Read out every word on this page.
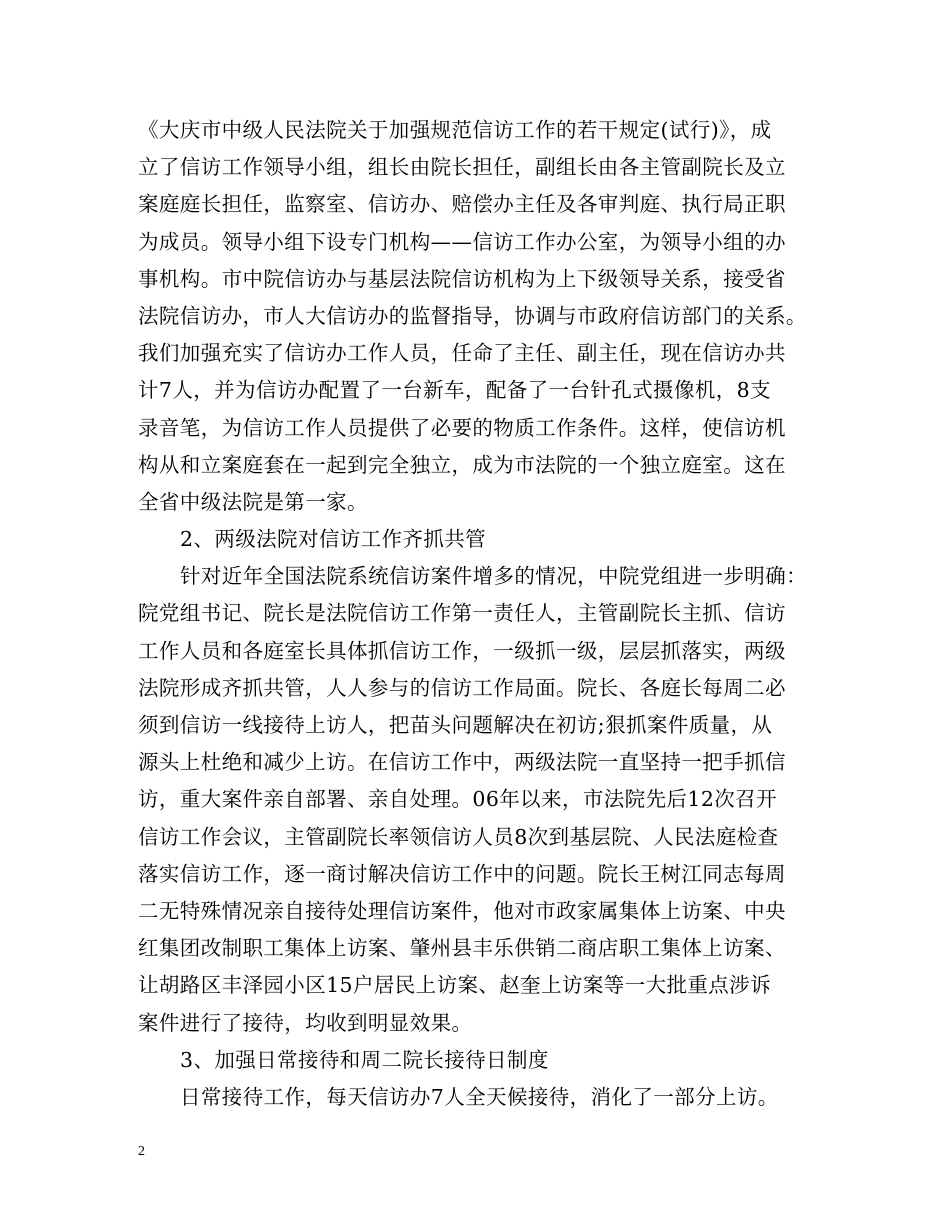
《大庆市中级人民法院关于加强规范信访工作的若干规定(试行)》，成
立了信访工作领导小组，组长由院长担任，副组长由各主管副院长及立
案庭庭长担任，监察室、信访办、赔偿办主任及各审判庭、执行局正职
为成员。领导小组下设专门机构——信访工作办公室，为领导小组的办
事机构。市中院信访办与基层法院信访机构为上下级领导关系，接受省
法院信访办，市人大信访办的监督指导，协调与市政府信访部门的关系。
我们加强充实了信访办工作人员，任命了主任、副主任，现在信访办共
计7人，并为信访办配置了一台新车，配备了一台针孔式摄像机，8支
录音笔，为信访工作人员提供了必要的物质工作条件。这样，使信访机
构从和立案庭套在一起到完全独立，成为市法院的一个独立庭室。这在
全省中级法院是第一家。
2、两级法院对信访工作齐抓共管
针对近年全国法院系统信访案件增多的情况，中院党组进一步明确：
院党组书记、院长是法院信访工作第一责任人，主管副院长主抓、信访
工作人员和各庭室长具体抓信访工作，一级抓一级，层层抓落实，两级
法院形成齐抓共管，人人参与的信访工作局面。院长、各庭长每周二必
须到信访一线接待上访人，把苗头问题解决在初访;狠抓案件质量，从
源头上杜绝和减少上访。在信访工作中，两级法院一直坚持一把手抓信
访，重大案件亲自部署、亲自处理。06年以来，市法院先后12次召开
信访工作会议，主管副院长率领信访人员8次到基层院、人民法庭检查
落实信访工作，逐一商讨解决信访工作中的问题。院长王树江同志每周
二无特殊情况亲自接待处理信访案件，他对市政家属集体上访案、中央
红集团改制职工集体上访案、肇州县丰乐供销二商店职工集体上访案、
让胡路区丰泽园小区15户居民上访案、赵奎上访案等一大批重点涉诉
案件进行了接待，均收到明显效果。
3、加强日常接待和周二院长接待日制度
日常接待工作，每天信访办7人全天候接待，消化了一部分上访。
2
